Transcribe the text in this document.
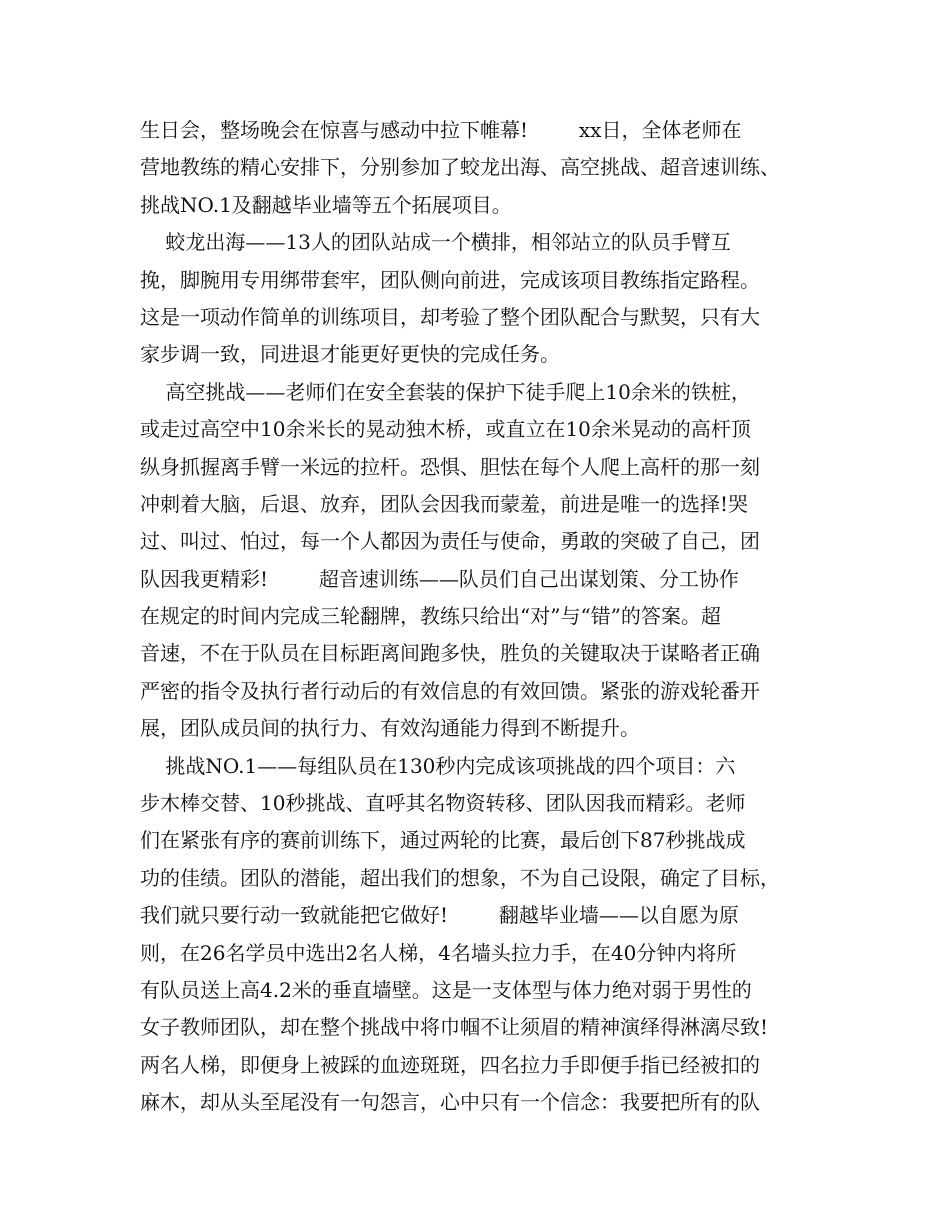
生日会，整场晚会在惊喜与感动中拉下帷幕!        xx日，全体老师在
营地教练的精心安排下，分别参加了蛟龙出海、高空挑战、超音速训练、
挑战NO.1及翻越毕业墙等五个拓展项目。
蛟龙出海——13人的团队站成一个横排，相邻站立的队员手臂互
挽，脚腕用专用绑带套牢，团队侧向前进，完成该项目教练指定路程。
这是一项动作简单的训练项目，却考验了整个团队配合与默契，只有大
家步调一致，同进退才能更好更快的完成任务。
高空挑战——老师们在安全套装的保护下徒手爬上10余米的铁桩，
或走过高空中10余米长的晃动独木桥，或直立在10余米晃动的高杆顶
纵身抓握离手臂一米远的拉杆。恐惧、胆怯在每个人爬上高杆的那一刻
冲刺着大脑，后退、放弃，团队会因我而蒙羞，前进是唯一的选择!哭
过、叫过、怕过，每一个人都因为责任与使命，勇敢的突破了自己，团
队因我更精彩!        超音速训练——队员们自己出谋划策、分工协作
在规定的时间内完成三轮翻牌，教练只给出“对”与“错”的答案。超
音速，不在于队员在目标距离间跑多快，胜负的关键取决于谋略者正确
严密的指令及执行者行动后的有效信息的有效回馈。紧张的游戏轮番开
展，团队成员间的执行力、有效沟通能力得到不断提升。
挑战NO.1——每组队员在130秒内完成该项挑战的四个项目：六
步木棒交替、10秒挑战、直呼其名物资转移、团队因我而精彩。老师
们在紧张有序的赛前训练下，通过两轮的比赛，最后创下87秒挑战成
功的佳绩。团队的潜能，超出我们的想象，不为自己设限，确定了目标，
我们就只要行动一致就能把它做好!        翻越毕业墙——以自愿为原
则，在26名学员中选出2名人梯，4名墙头拉力手，在40分钟内将所
有队员送上高4.2米的垂直墙壁。这是一支体型与体力绝对弱于男性的
女子教师团队，却在整个挑战中将巾帼不让须眉的精神演绎得淋漓尽致!
两名人梯，即便身上被踩的血迹斑斑，四名拉力手即便手指已经被扣的
麻木，却从头至尾没有一句怨言，心中只有一个信念：我要把所有的队
